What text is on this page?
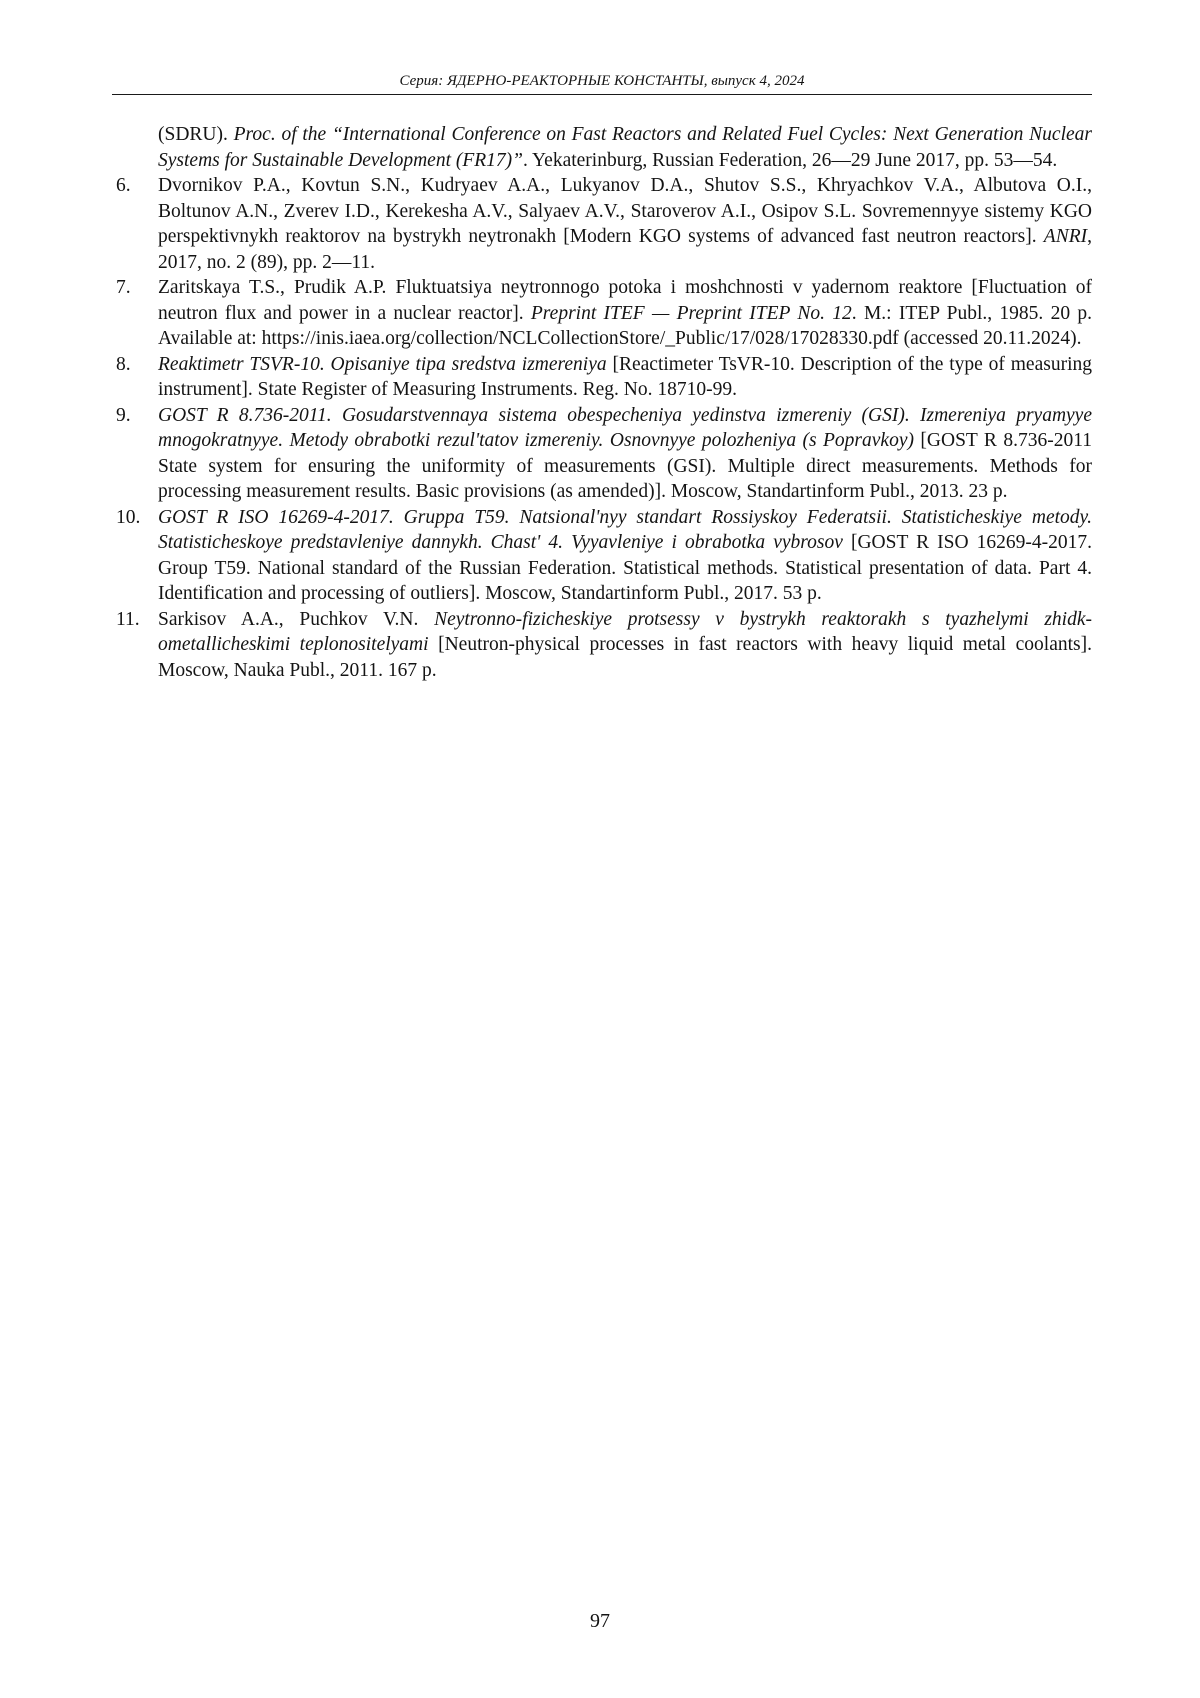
Серия: ЯДЕРНО-РЕАКТОРНЫЕ КОНСТАНТЫ, выпуск 4, 2024

(SDRU). Proc. of the “International Conference on Fast Reactors and Related Fuel Cycles: Next Generation Nuclear Systems for Sustainable Development (FR17)”. Yekaterinburg, Russian Federation, 26—29 June 2017, pp. 53—54.

6. Dvornikov P.A., Kovtun S.N., Kudryaev A.A., Lukyanov D.A., Shutov S.S., Khryachkov V.A., Albutova O.I., Boltunov A.N., Zverev I.D., Kerekesha A.V., Salyaev A.V., Staroverov A.I., Osipov S.L. Sovremennyye sistemy KGO perspektivnykh reaktorov na bystrykh neytronakh [Modern KGO systems of advanced fast neutron reactors]. ANRI, 2017, no. 2 (89), pp. 2—11.

7. Zaritskaya T.S., Prudik A.P. Fluktuatsiya neytronnogo potoka i moshchnosti v yadernom reaktore [Fluctuation of neutron flux and power in a nuclear reactor]. Preprint ITEF — Preprint ITEP No. 12. M.: ITEP Publ., 1985. 20 p. Available at: https://inis.iaea.org/collection/NCLCollectionStore/_Public/17/028/17028330.pdf (accessed 20.11.2024).

8. Reaktimetr TSVR-10. Opisaniye tipa sredstva izmereniya [Reactimeter TsVR-10. Description of the type of measuring instrument]. State Register of Measuring Instruments. Reg. No. 18710-99.

9. GOST R 8.736-2011. Gosudarstvennaya sistema obespecheniya yedinstva izmereniy (GSI). Izmereniya pryamyye mnogokratnyye. Metody obrabotki rezul'tatov izmereniy. Osnovnyye polozheniya (s Popravkoy) [GOST R 8.736-2011 State system for ensuring the uniformity of measurements (GSI). Multiple direct measurements. Methods for processing measurement results. Basic provisions (as amended)]. Moscow, Standartinform Publ., 2013. 23 p.

10. GOST R ISO 16269-4-2017. Gruppa T59. Natsional'nyy standart Rossiyskoy Federatsii. Statisticheskiye metody. Statisticheskoye predstavleniye dannykh. Chast' 4. Vyyavleniye i obrabotka vybrosov [GOST R ISO 16269-4-2017. Group T59. National standard of the Russian Federation. Statistical methods. Statistical presentation of data. Part 4. Identification and processing of outliers]. Moscow, Standartinform Publ., 2017. 53 p.

11. Sarkisov A.A., Puchkov V.N. Neytronno-fizicheskiye protsessy v bystrykh reaktorakh s tyazhelymi zhidkometallicheskimi teplonositelyami [Neutron-physical processes in fast reactors with heavy liquid metal coolants]. Moscow, Nauka Publ., 2011. 167 p.

97
